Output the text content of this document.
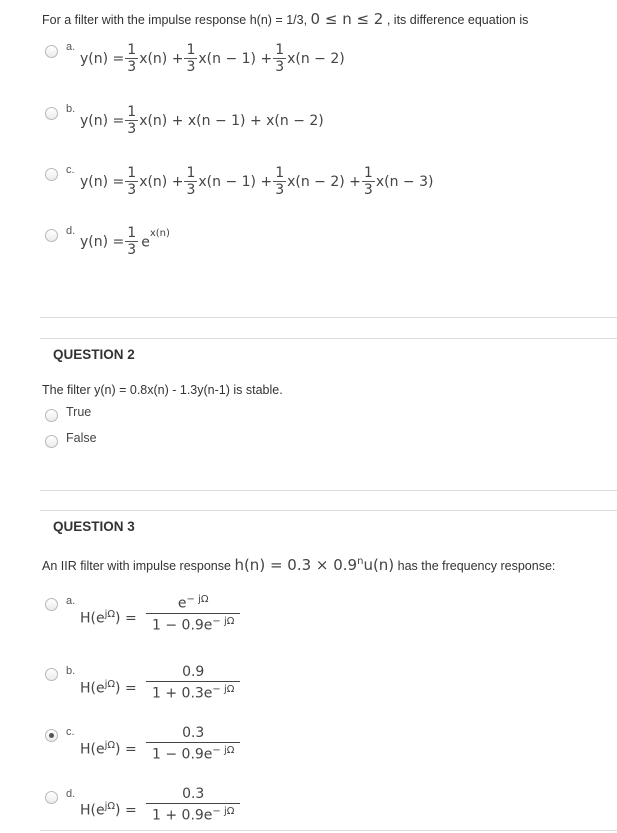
For a filter with the impulse response h(n) = 1/3, 0 ≤ n ≤ 2 , its difference equation is
a.
$y(n) = \frac{1}{3} x(n) + \frac{1}{3} x(n - 1) + \frac{1}{3} x(n - 2)$
b.
$y(n) = \frac{1}{3} x(n) + x(n - 1) + x(n - 2)$
c.
$y(n) = \frac{1}{3} x(n) + \frac{1}{3} x(n - 1) + \frac{1}{3} x(n - 2) + \frac{1}{3} x(n - 3)$
d.
$y(n) = \frac{1}{3} e^{x(n)}$
QUESTION 2
The filter y(n) = 0.8x(n) - 1.3y(n-1) is stable.
True
False
QUESTION 3
An IIR filter with impulse response $h(n) = 0.3 \times 0.9^nu(n)$ has the frequency response:
a.
$H(e^{j\Omega}) = \frac{e^{- j\Omega}}{1 - 0.9e^{- j\Omega}}$
b.
$H(e^{j\Omega}) = \frac{0.9}{1 + 0.3e^{- j\Omega}}$
c.
$H(e^{j\Omega}) = \frac{0.3}{1 - 0.9e^{- j\Omega}}$
d.
$H(e^{j\Omega}) = \frac{0.3}{1 + 0.9e^{- j\Omega}}$
